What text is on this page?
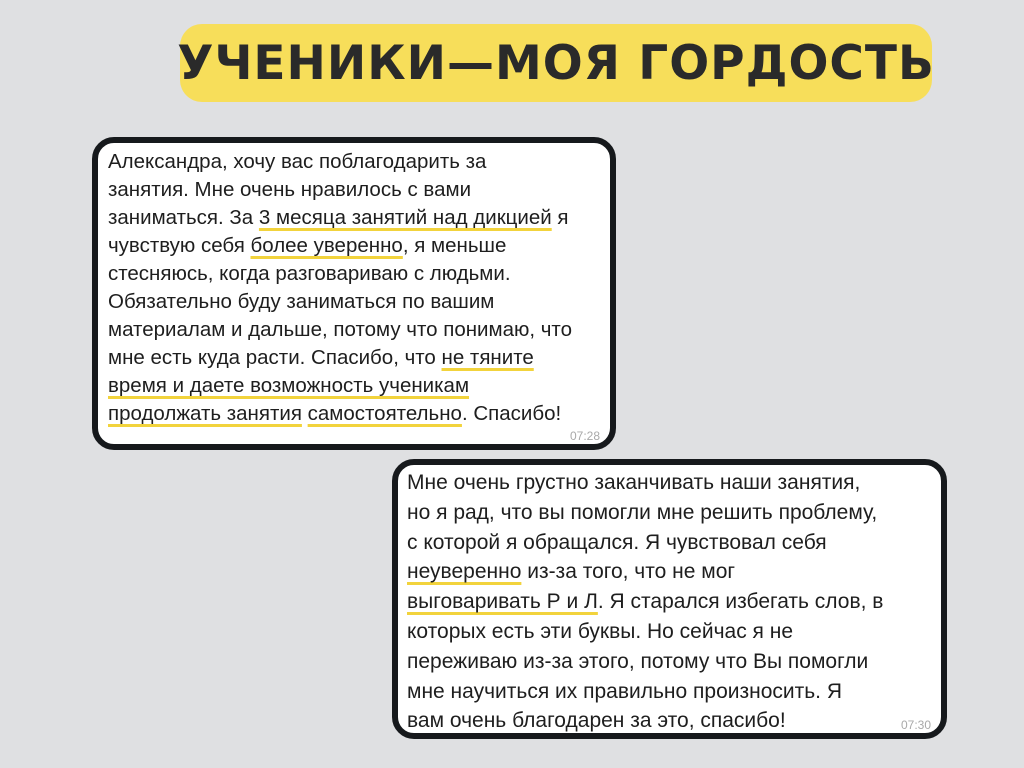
УЧЕНИКИ—МОЯ ГОРДОСТЬ
Александра, хочу вас поблагодарить за
занятия. Мне очень нравилось с вами
заниматься. За 3 месяца занятий над дикцией я
чувствую себя более уверенно, я меньше
стесняюсь, когда разговариваю с людьми.
Обязательно буду заниматься по вашим
материалам и дальше, потому что понимаю, что
мне есть куда расти. Спасибо, что не тяните
время и даете возможность ученикам
продолжать занятия самостоятельно. Спасибо!
07:28
Мне очень грустно заканчивать наши занятия,
но я рад, что вы помогли мне решить проблему,
с которой я обращался. Я чувствовал себя
неуверенно из-за того, что не мог
выговаривать Р и Л. Я старался избегать слов, в
которых есть эти буквы. Но сейчас я не
переживаю из-за этого, потому что Вы помогли
мне научиться их правильно произносить. Я
вам очень благодарен за это, спасибо!	07:30
